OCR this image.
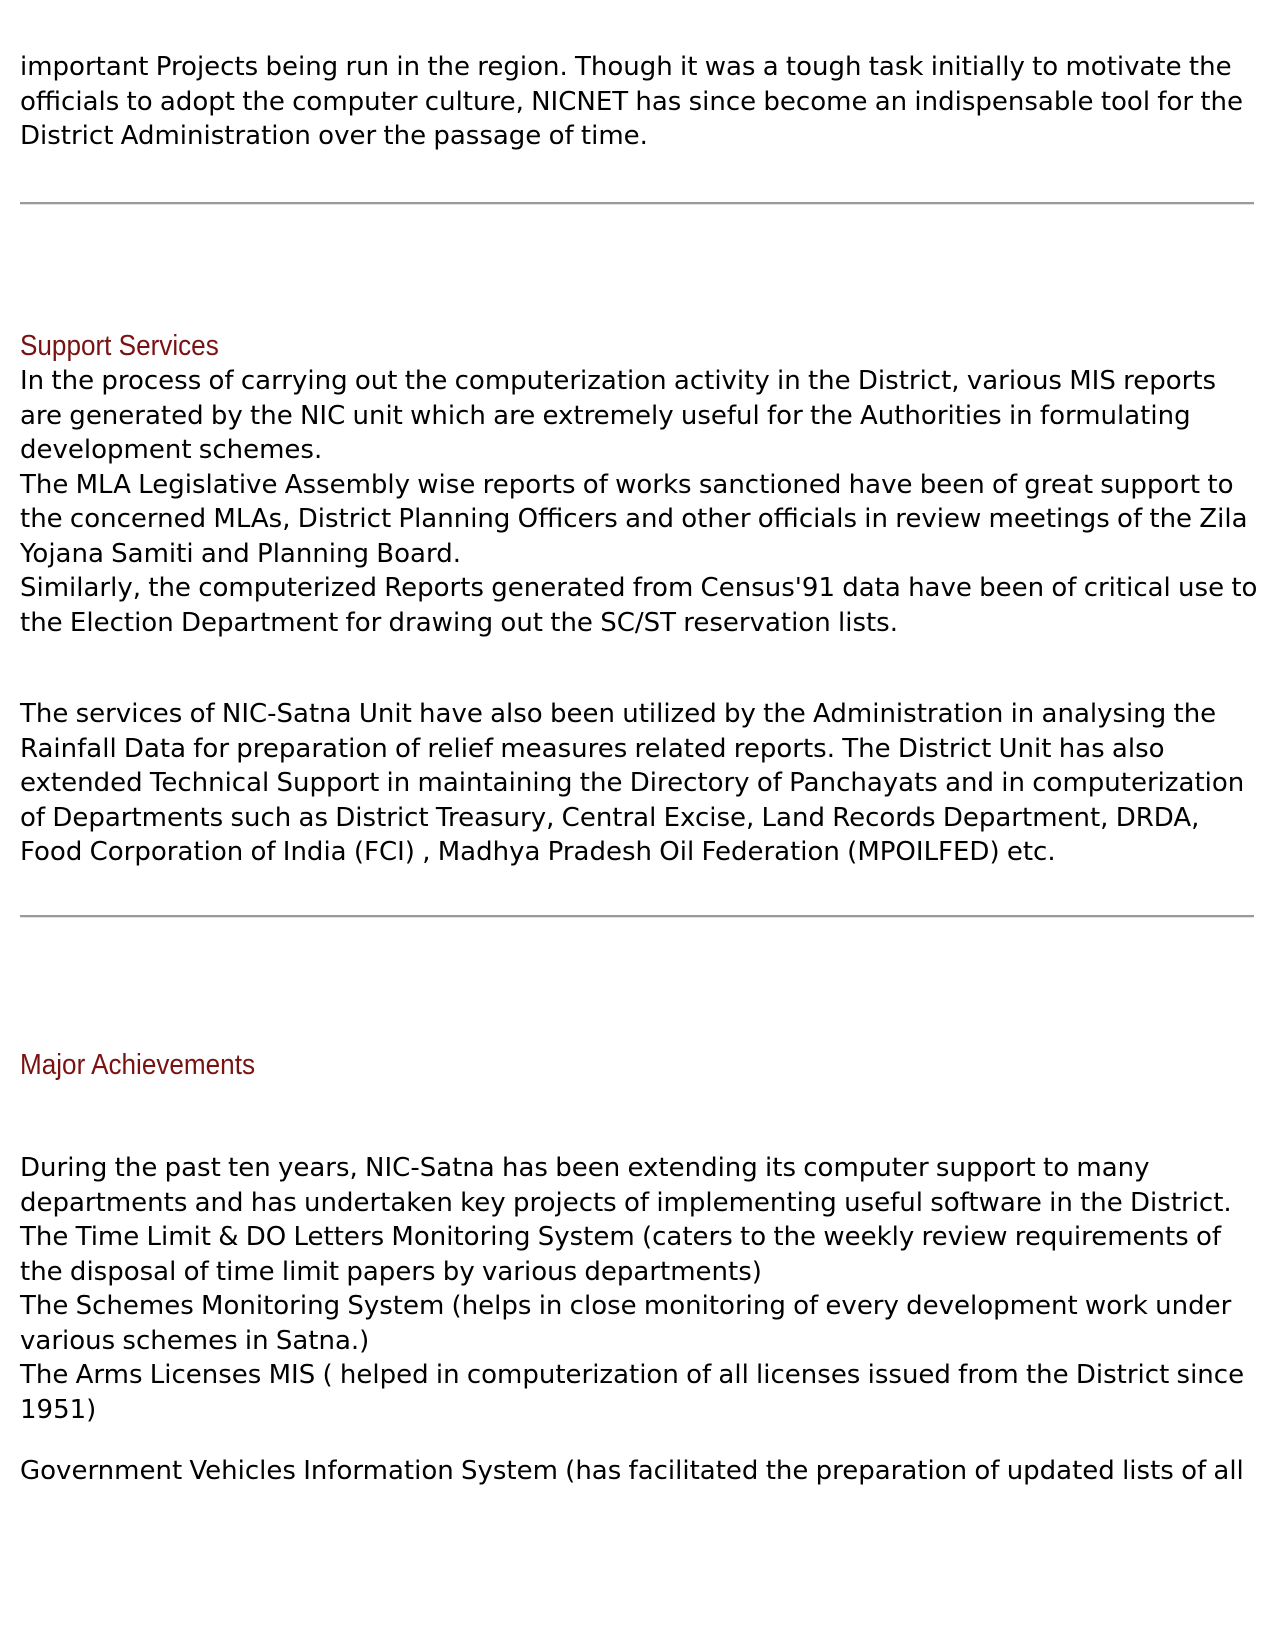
important Projects being run in the region. Though it was a tough task initially to motivate the officials to adopt the computer culture, NICNET has since become an indispensable tool for the District Administration over the passage of time.

Support Services

In the process of carrying out the computerization activity in the District, various MIS reports are generated by the NIC unit which are extremely useful for the Authorities in formulating development schemes.

The MLA Legislative Assembly wise reports of works sanctioned have been of great support to the concerned MLAs, District Planning Officers and other officials in review meetings of the Zila Yojana Samiti and Planning Board.

Similarly, the computerized Reports generated from Census'91 data have been of critical use to the Election Department for drawing out the SC/ST reservation lists.

The services of NIC-Satna Unit have also been utilized by the Administration in analysing the Rainfall Data for preparation of relief measures related reports. The District Unit has also extended Technical Support in maintaining the Directory of Panchayats and in computerization of Departments such as District Treasury, Central Excise, Land Records Department, DRDA, Food Corporation of India (FCI) , Madhya Pradesh Oil Federation (MPOILFED) etc.

Major Achievements

During the past ten years, NIC-Satna has been extending its computer support to many departments and has undertaken key projects of implementing useful software in the District.

The Time Limit & DO Letters Monitoring System (caters to the weekly review requirements of the disposal of time limit papers by various departments)

The Schemes Monitoring System (helps in close monitoring of every development work under various schemes in Satna.)

The Arms Licenses MIS ( helped in computerization of all licenses issued from the District since 1951)

Government Vehicles Information System (has facilitated the preparation of updated lists of all
